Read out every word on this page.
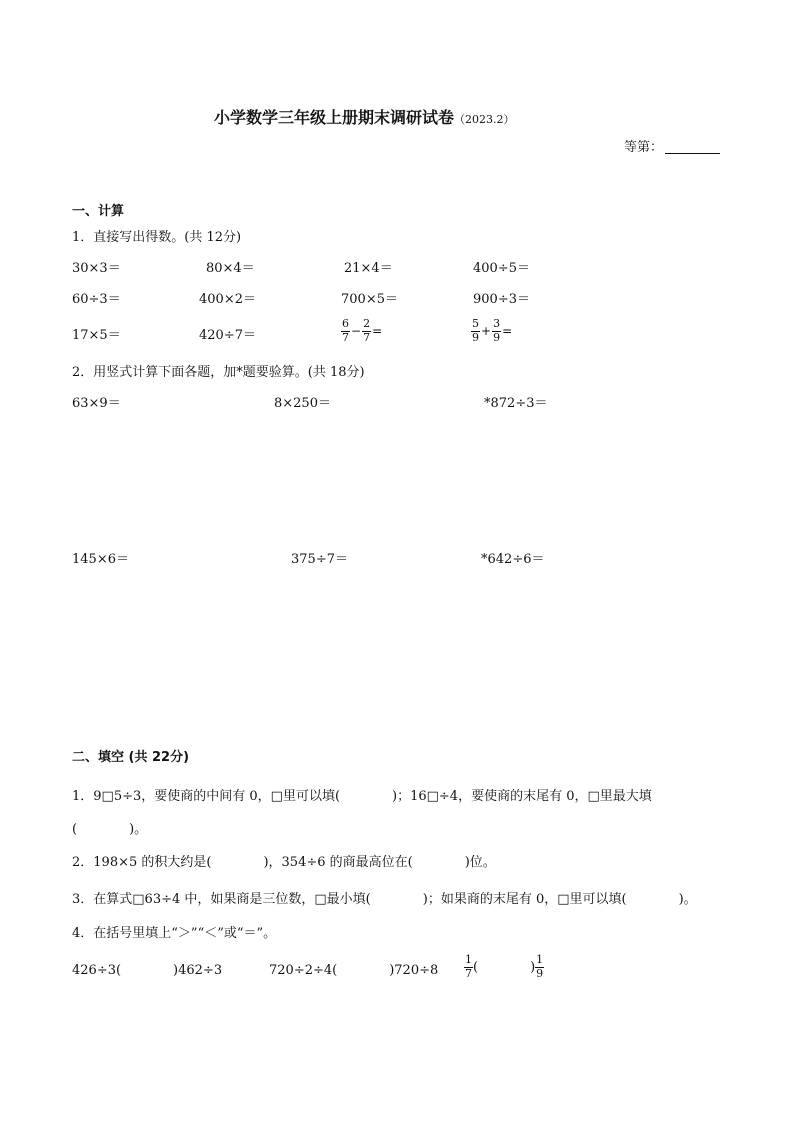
小学数学三年级上册期末调研试卷（2023.2）
等第：
一、计算
1．直接写出得数。(共 12分)
30×3＝	80×4＝	21×4＝	400÷5＝
60÷3＝	400×2＝	700×5＝	900÷3＝
17×5＝	420÷7＝	$\frac{6}{7} - \frac{2}{7}$ =	$\frac{5}{9} + \frac{3}{9}$ =
2．用竖式计算下面各题，加*题要验算。(共 18分)
63×9＝	8×250＝	*872÷3＝
145×6＝	375÷7＝	*642÷6＝
二、填空 (共 22分)
1．9□5÷3，要使商的中间有 0，□里可以填(　　　　)；16□÷4，要使商的末尾有 0，□里最大填
(　　　　)。
2．198×5 的积大约是(　　　　)，354÷6 的商最高位在(　　　　)位。
3．在算式□63÷4 中，如果商是三位数，□最小填(　　　　)；如果商的末尾有 0，□里可以填(　　　　)。
4．在括号里填上“＞”“＜”或“＝”。
426÷3(　　　　)462÷3	720÷2÷4(　　　　)$720\div 8 \frac{1}{7}$ (　　　　) $\frac{1}{9}$
